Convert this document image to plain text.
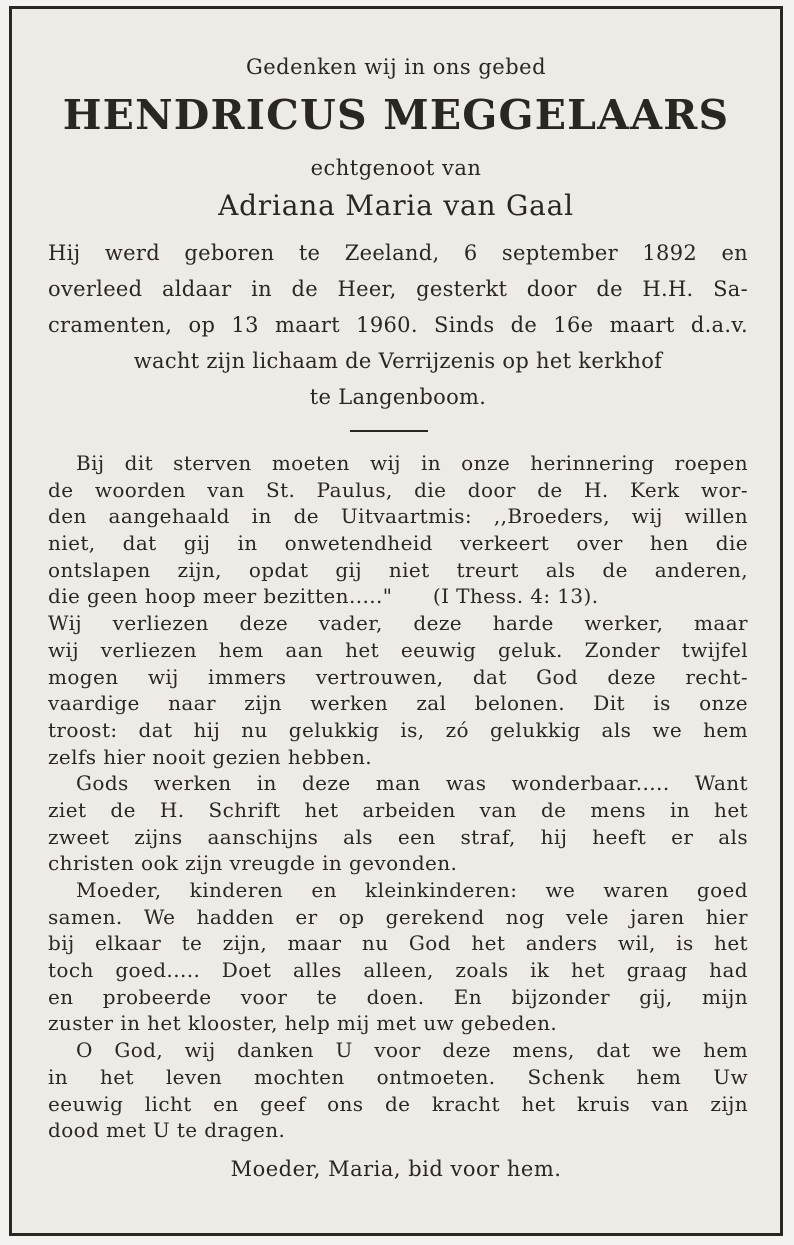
Gedenken wij in ons gebed
HENDRICUS MEGGELAARS
echtgenoot van
Adriana Maria van Gaal
Hij werd geboren te Zeeland, 6 september 1892 en
overleed aldaar in de Heer, gesterkt door de H.H. Sa-
cramenten, op 13 maart 1960. Sinds de 16e maart d.a.v.
wacht zijn lichaam de Verrijzenis op het kerkhof
te Langenboom.
Bij dit sterven moeten wij in onze herinnering roepen
de woorden van St. Paulus, die door de H. Kerk wor-
den aangehaald in de Uitvaartmis: ,,Broeders, wij willen
niet, dat gij in onwetendheid verkeert over hen die
ontslapen zijn, opdat gij niet treurt als de anderen,
die geen hoop meer bezitten....."      (I Thess. 4: 13).
Wij verliezen deze vader, deze harde werker, maar
wij verliezen hem aan het eeuwig geluk. Zonder twijfel
mogen wij immers vertrouwen, dat God deze recht-
vaardige naar zijn werken zal belonen. Dit is onze
troost: dat hij nu gelukkig is, zó gelukkig als we hem
zelfs hier nooit gezien hebben.
Gods werken in deze man was wonderbaar..... Want
ziet de H. Schrift het arbeiden van de mens in het
zweet zijns aanschijns als een straf, hij heeft er als
christen ook zijn vreugde in gevonden.
Moeder, kinderen en kleinkinderen: we waren goed
samen. We hadden er op gerekend nog vele jaren hier
bij elkaar te zijn, maar nu God het anders wil, is het
toch goed..... Doet alles alleen, zoals ik het graag had
en probeerde voor te doen. En bijzonder gij, mijn
zuster in het klooster, help mij met uw gebeden.
O God, wij danken U voor deze mens, dat we hem
in het leven mochten ontmoeten. Schenk hem Uw
eeuwig licht en geef ons de kracht het kruis van zijn
dood met U te dragen.
Moeder, Maria, bid voor hem.
